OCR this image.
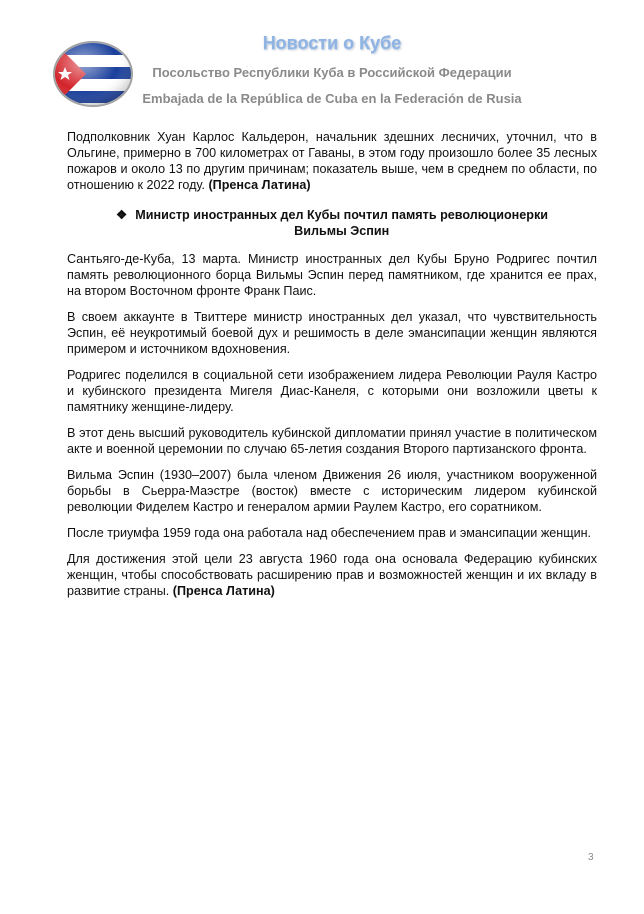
Новости о Кубе
Посольство Республики Куба в Российской Федерации
Embajada de la República de Cuba en la Federación de Rusia

Подполковник Хуан Карлос Кальдерон, начальник здешних лесничих, уточнил, что в Ольгине, примерно в 700 километрах от Гаваны, в этом году произошло более 35 лесных пожаров и около 13 по другим причинам; показатель выше, чем в среднем по области, по отношению к 2022 году. (Пренса Латина)

❖ Министр иностранных дел Кубы почтил память революционерки
Вильмы Эспин

Сантьяго-де-Куба, 13 марта. Министр иностранных дел Кубы Бруно Родригес почтил память революционного борца Вильмы Эспин перед памятником, где хранится ее прах, на втором Восточном фронте Франк Паис.

В своем аккаунте в Твиттере министр иностранных дел указал, что чувствительность Эспин, её неукротимый боевой дух и решимость в деле эмансипации женщин являются примером и источником вдохновения.

Родригес поделился в социальной сети изображением лидера Революции Рауля Кастро и кубинского президента Мигеля Диас-Канеля, с которыми они возложили цветы к памятнику женщине-лидеру.

В этот день высший руководитель кубинской дипломатии принял участие в политическом акте и военной церемонии по случаю 65-летия создания Второго партизанского фронта.

Вильма Эспин (1930–2007) была членом Движения 26 июля, участником вооруженной борьбы в Сьерра-Маэстре (восток) вместе с историческим лидером кубинской революции Фиделем Кастро и генералом армии Раулем Кастро, его соратником.

После триумфа 1959 года она работала над обеспечением прав и эмансипации женщин.

Для достижения этой цели 23 августа 1960 года она основала Федерацию кубинских женщин, чтобы способствовать расширению прав и возможностей женщин и их вкладу в развитие страны. (Пренса Латина)

3
